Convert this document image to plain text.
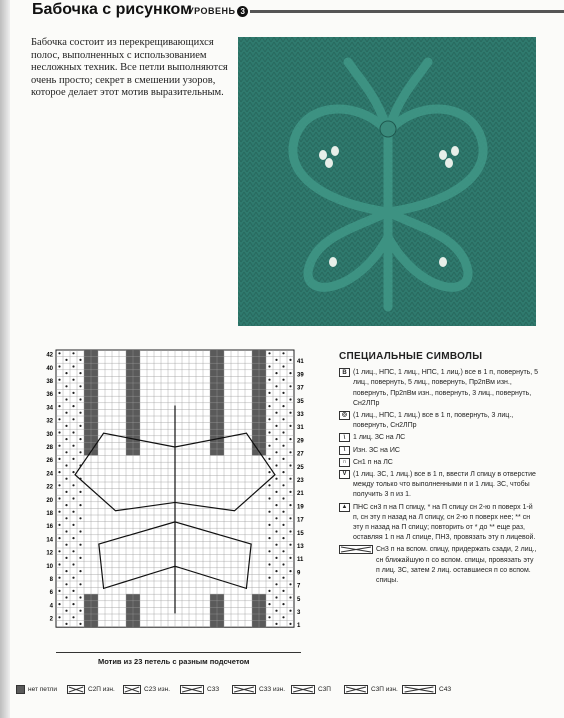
Бабочка с рисунком
УРОВЕНЬ 3
Бабочка состоит из перекрещивающихся полос, выполненных с использованием несложных техник. Все петли выполняются очень просто; секрет в смешении узоров, которое делает этот мотив выразительным.
42
40
38
36
34
32
30
28
26
24
22
20
18
16
14
12
10
8
6
4
2
41
39
37
35
33
31
29
27
25
23
21
19
17
15
13
11
9
7
5
3
1
Мотив из 23 петель с разным подсчетом
СПЕЦИАЛЬНЫЕ СИМВОЛЫ
B (1 лиц., НПС, 1 лиц., НПС, 1 лиц.) все в 1 п, повернуть, 5 лиц., повернуть, 5 лиц., повернуть, Пр2пВм изн., повернуть, Пр2пВм изн., повернуть, 3 лиц., повернуть, Сн2ЛПр
◎ (1 лиц., НПС, 1 лиц.) все в 1 п, повернуть, 3 лиц., повернуть, Сн2ЛПр
\	1 лиц. ЗС на ЛС
\	Изн. ЗС на ИС
∩ Сн1 п на ЛС
V (1 лиц. ЗС, 1 лиц.) все в 1 п, ввести Л спицу в отверстие между только что выполненными п и 1 лиц. ЗС, чтобы получить 3 п из 1.
▲ ПНС сн3 п на П спицу, * на П спицу сн 2-ю п поверх 1-й п, сн эту п назад на Л спицу, сн 2-ю п поверх нее; ** сн эту п назад на П спицу; повторить от * до ** еще раз, оставляя 1 п на Л спице, ПНЗ, провязать эту п лицевой.
Сн3 п на вспом. спицу, придержать сзади, 2 лиц., сн ближайшую п со вспом. спицы, провязать эту п лиц. ЗС, затем 2 лиц. оставшиеся п со вспом. спицы.
нет петли	С2П изн.	С2З изн.	С3З	С3З изн.	С3П	С3П изн.	С4З
